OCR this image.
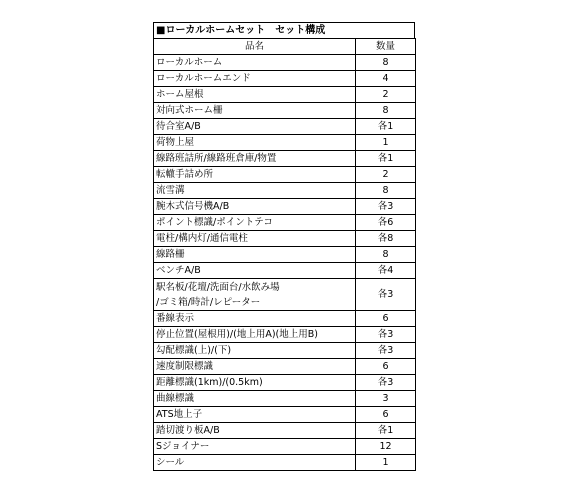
■ローカルホームセット　セット構成
品名	数量
ローカルホーム	8
ローカルホームエンド	4
ホーム屋根	2
対向式ホーム柵	8
待合室A/B	各1
荷物上屋	1
線路班詰所/線路班倉庫/物置	各1
転轍手詰め所	2
流雪溝	8
腕木式信号機A/B	各3
ポイント標識/ポイントテコ	各6
電柱/構内灯/通信電柱	各8
線路柵	8
ベンチA/B	各4

駅名板/花壇/洗面台/水飲み場
/ゴミ箱/時計/レピーター	各3
番線表示	6
停止位置(屋根用)/(地上用A)(地上用B)	各3
勾配標識(上)/(下)	各3
速度制限標識	6
距離標識(1km)/(0.5km)	各3
曲線標識	3
ATS地上子	6
踏切渡り板A/B	各1
Sジョイナー	12
シール	1
